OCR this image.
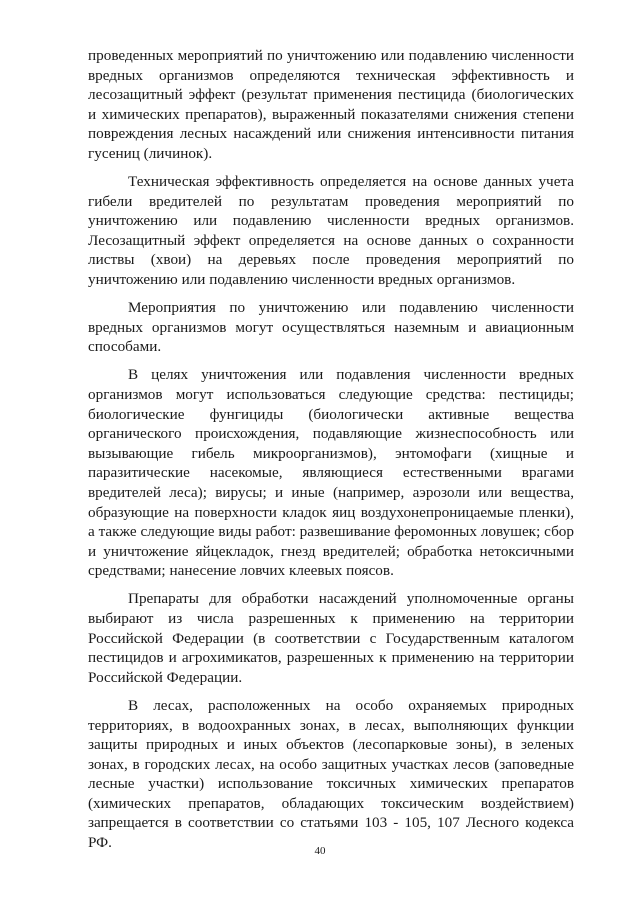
проведенных мероприятий по уничтожению или подавлению численности вредных организмов определяются техническая эффективность и лесозащитный эффект (результат применения пестицида (биологических и химических препаратов), выраженный показателями снижения степени повреждения лесных насаждений или снижения интенсивности питания гусениц (личинок).

Техническая эффективность определяется на основе данных учета гибели вредителей по результатам проведения мероприятий по уничтожению или подавлению численности вредных организмов. Лесозащитный эффект определяется на основе данных о сохранности листвы (хвои) на деревьях после проведения мероприятий по уничтожению или подавлению численности вредных организмов.

Мероприятия по уничтожению или подавлению численности вредных организмов могут осуществляться наземным и авиационным способами.

В целях уничтожения или подавления численности вредных организмов могут использоваться следующие средства: пестициды; биологические фунгициды (биологически активные вещества органического происхождения, подавляющие жизнеспособность или вызывающие гибель микроорганизмов), энтомофаги (хищные и паразитические насекомые, являющиеся естественными врагами вредителей леса); вирусы; и иные (например, аэрозоли или вещества, образующие на поверхности кладок яиц воздухонепроницаемые пленки), а также следующие виды работ: развешивание феромонных ловушек; сбор и уничтожение яйцекладок, гнезд вредителей; обработка нетоксичными средствами; нанесение ловчих клеевых поясов.

Препараты для обработки насаждений уполномоченные органы выбирают из числа разрешенных к применению на территории Российской Федерации (в соответствии с Государственным каталогом пестицидов и агрохимикатов, разрешенных к применению на территории Российской Федерации.

В лесах, расположенных на особо охраняемых природных территориях, в водоохранных зонах, в лесах, выполняющих функции защиты природных и иных объектов (лесопарковые зоны), в зеленых зонах, в городских лесах, на особо защитных участках лесов (заповедные лесные участки) использование токсичных химических препаратов (химических препаратов, обладающих токсическим воздействием) запрещается в соответствии со статьями 103 - 105, 107 Лесного кодекса РФ.	40
